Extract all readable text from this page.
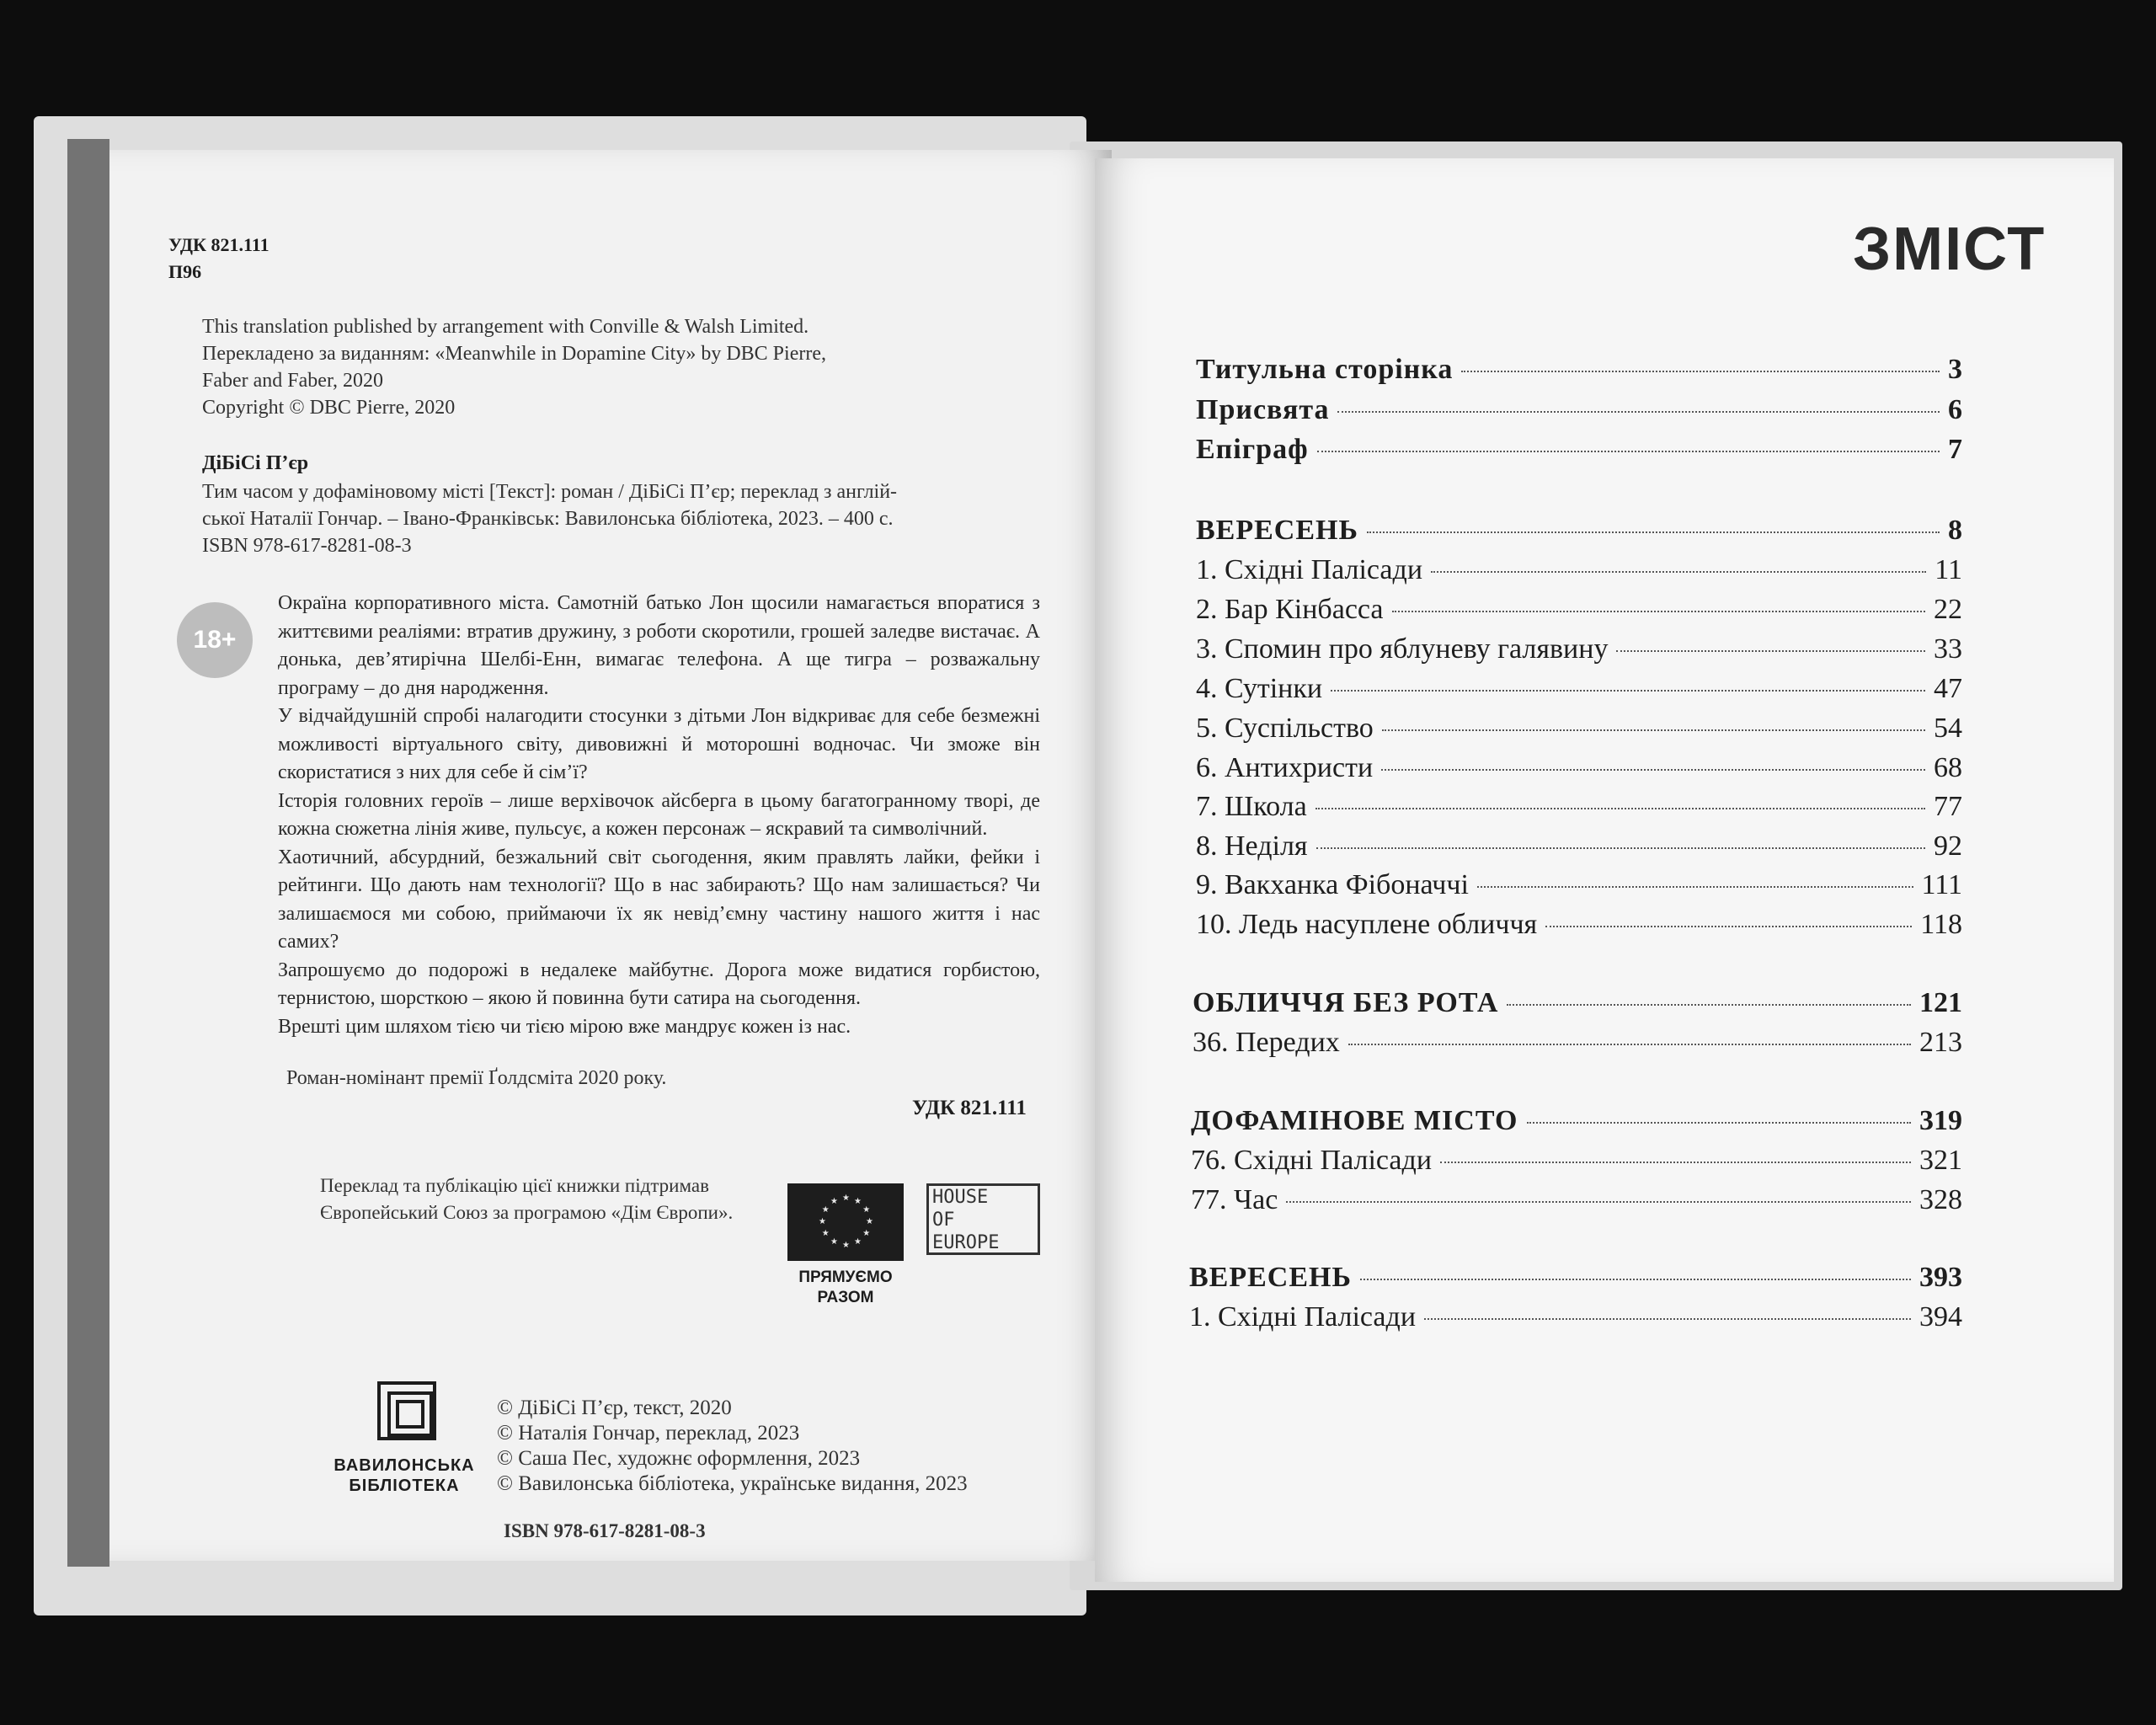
УДК 821.111
П96
This translation published by arrangement with Conville & Walsh Limited.
Перекладено за виданням: «Meanwhile in Dopamine City» by DBC Pierre,
Faber and Faber, 2020
Copyright © DBC Pierre, 2020
ДіБіСі П’єр
Тим часом у дофаміновому місті [Текст]: роман / ДіБіСі П’єр; переклад з англій-
ської Наталії Гончар. – Івано-Франківськ: Вавилонська бібліотека, 2023. – 400 с.
ISBN 978-617-8281-08-3
18+

Окраїна корпоративного міста. Самотній батько Лон щосили намагається впоратися з життєвими реаліями: втратив дружину, з роботи скоротили, грошей заледве вистачає. А донька, дев’ятирічна Шелбі-Енн, вимагає телефона. А ще тигра – розважальну програму – до дня народження.

У відчайдушній спробі налагодити стосунки з дітьми Лон відкриває для себе безмежні можливості віртуального світу, дивовижні й моторошні водночас. Чи зможе він скористатися з них для себе й сім’ї?

Історія головних героїв – лише верхівочок айсберга в цьому багатогранному творі, де кожна сюжетна лінія живе, пульсує, а кожен персонаж – яскравий та символічний.

Хаотичний, абсурдний, безжальний світ сьогодення, яким правлять лайки, фейки і рейтинги. Що дають нам технології? Що в нас забирають? Що нам залишається? Чи залишаємося ми собою, приймаючи їх як невід’ємну частину нашого життя і нас самих?

Запрошуємо до подорожі в недалеке майбутнє. Дорога може видатися горбистою, тернистою, шорсткою – якою й повинна бути сатира на сьогодення.

Врешті цим шляхом тією чи тією мірою вже мандрує кожен із нас.

Роман-номінант премії Ґолдсміта 2020 року.
УДК 821.111
Переклад та публікацію цієї книжки підтримав
Європейський Союз за програмою «Дім Європи».	★
★
★
★
★
★
★
★
★ ★ ★
★
ПРЯМУЄМО РАЗОМ
HOUSE
OF
EUROPE
ВАВИЛОНСЬКА БІБЛІОТЕКА
© ДіБіСі П’єр, текст, 2020
© Наталія Гончар, переклад, 2023
© Саша Пес, художнє оформлення, 2023
© Вавилонська бібліотека, українське видання, 2023
ISBN 978-617-8281-08-3
ЗМІСТ
Титульна сторінка	3
Присвята	6
Епіграф	7
ВЕРЕСЕНЬ	8
1. Східні Палісади	11
2. Бар Кінбасса	22
3. Спомин про яблуневу галявину	33
4. Сутінки	47
5. Суспільство	54
6. Антихристи	68
7. Школа	77
8. Неділя	92
9. Вакханка Фібоначчі	111
10. Ледь насуплене обличчя	118
ОБЛИЧЧЯ БЕЗ РОТА	121
36. Передих	213
ДОФАМІНОВЕ МІСТО	319
76. Східні Палісади	321
77. Час	328
ВЕРЕСЕНЬ	393
1. Східні Палісади	394
